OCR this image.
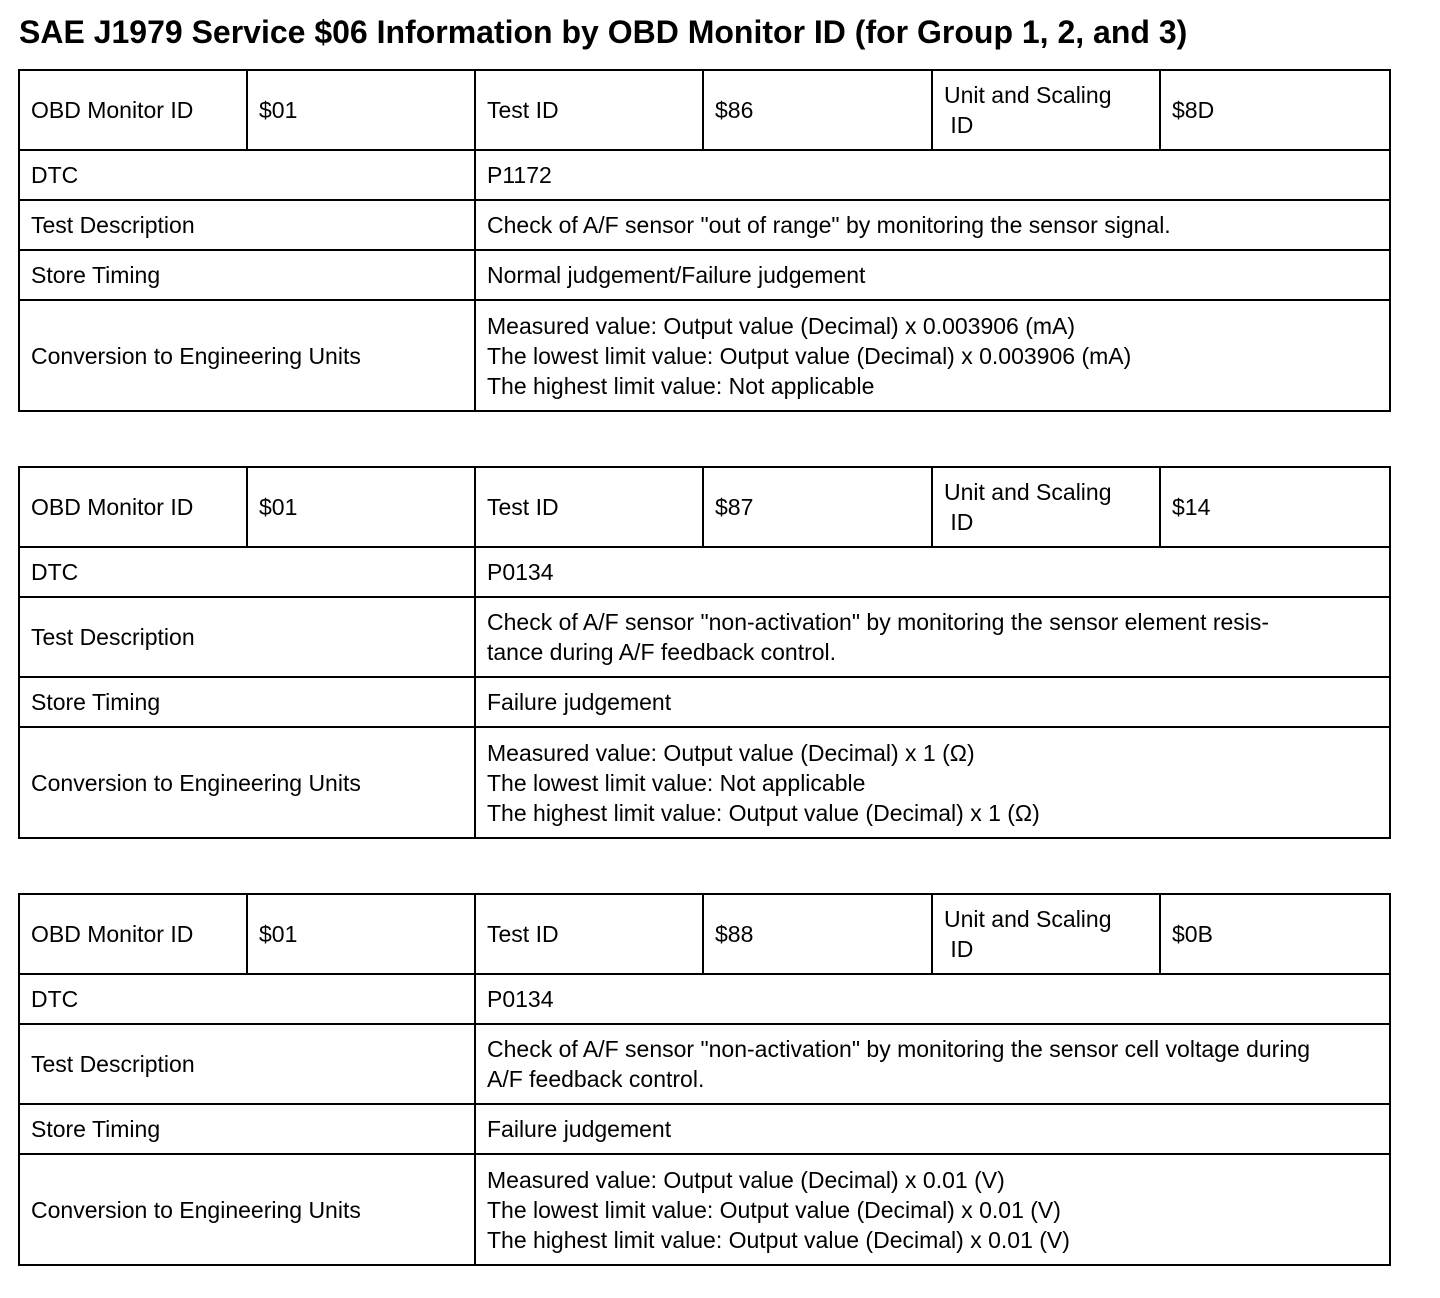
SAE J1979 Service $06 Information by OBD Monitor ID (for Group 1, 2, and 3)
OBD Monitor ID	$01	Test ID	$86	Unit and Scaling
ID	$8D
DTC		P1172			
Test Description		Check of A/F sensor "out of range" by monitoring the sensor signal.			

Store Timing		Normal judgement/Failure judgement			
Conversion to Engineering Units		Measured value: Output value (Decimal) x 0.003906 (mA)
The lowest limit value: Output value (Decimal) x 0.003906 (mA)
The highest limit value: Not applicable			
OBD Monitor ID	$01	Test ID	$87	Unit and Scaling
ID	$14
DTC		P0134			
Test Description		Check of A/F sensor "non-activation" by monitoring the sensor element resis-
tance during A/F feedback control.			

Store Timing		Failure judgement			
Conversion to Engineering Units		Measured value: Output value (Decimal) x 1 (Ω)
The lowest limit value: Not applicable
The highest limit value: Output value (Decimal) x 1 (Ω)			
OBD Monitor ID	$01	Test ID	$88	Unit and Scaling
ID	$0B
DTC		P0134			
Test Description		Check of A/F sensor "non-activation" by monitoring the sensor cell voltage during
A/F feedback control.			

Store Timing		Failure judgement			
Conversion to Engineering Units		Measured value: Output value (Decimal) x 0.01 (V)
The lowest limit value: Output value (Decimal) x 0.01 (V)
The highest limit value: Output value (Decimal) x 0.01 (V)			
